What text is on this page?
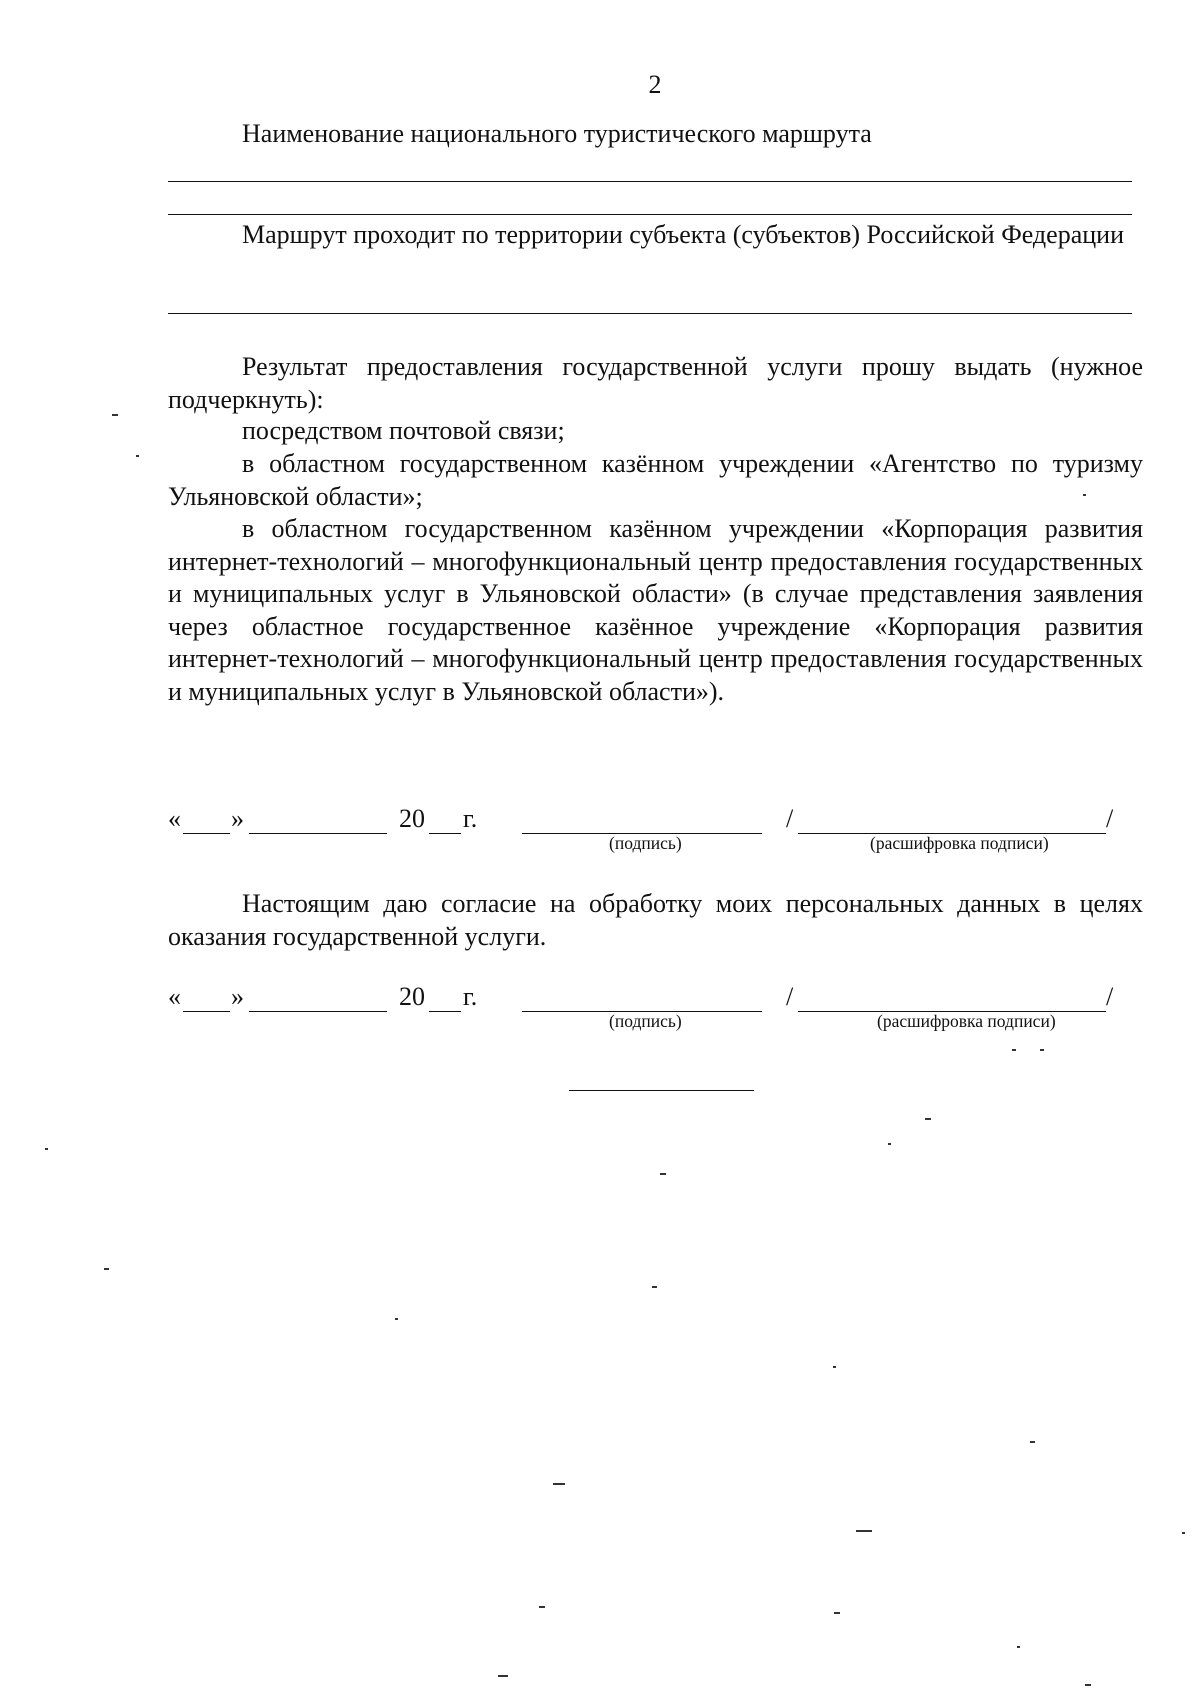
2
Наименование национального туристического маршрута
Маршрут проходит по территории субъекта (субъектов) Российской Федерации
Результат предоставления государственной услуги прошу выдать (нужное подчеркнуть):
посредством почтовой связи;
в областном государственном казённом учреждении «Агентство по туризму Ульяновской области»;
в областном государственном казённом учреждении «Корпорация развития интернет-технологий – многофункциональный центр предоставления государственных и муниципальных услуг в Ульяновской области» (в случае представления заявления через областное государственное казённое учреждение «Корпорация развития интернет-технологий – многофункциональный центр предоставления государственных и муниципальных услуг в Ульяновской области»).
« »	20 г.	/	/
(подпись)	(расшифровка подписи)
Настоящим даю согласие на обработку моих персональных данных в целях оказания государственной услуги.
« »	20 г.	/	/
(подпись)	(расшифровка подписи)
